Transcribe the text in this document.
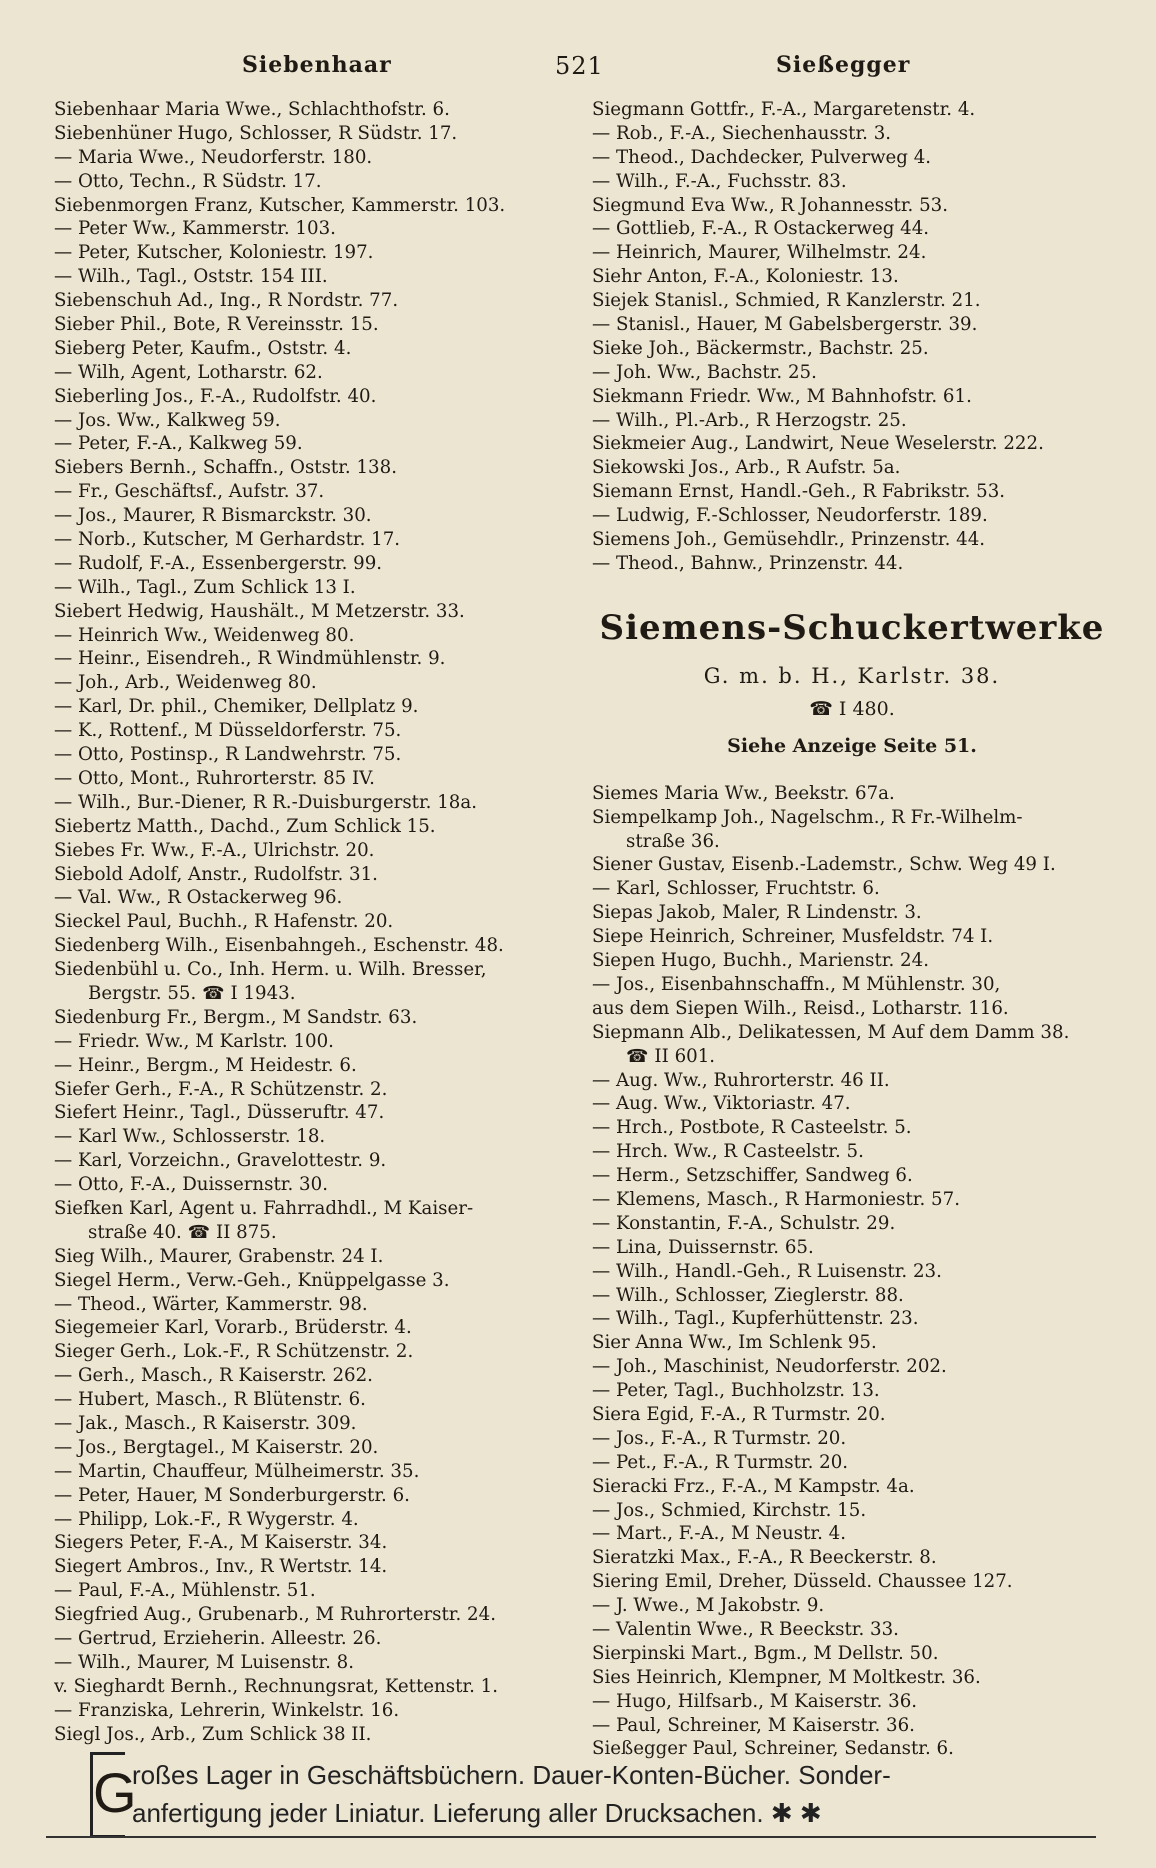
Siebenhaar	521	Sießegger
Siebenhaar Maria Wwe., Schlachthofstr. 6.
Siebenhüner Hugo, Schlosser, R Südstr. 17.
— Maria Wwe., Neudorferstr. 180.
— Otto, Techn., R Südstr. 17.
Siebenmorgen Franz, Kutscher, Kammerstr. 103.
— Peter Ww., Kammerstr. 103.
— Peter, Kutscher, Koloniestr. 197.
— Wilh., Tagl., Oststr. 154 III.
Siebenschuh Ad., Ing., R Nordstr. 77.
Sieber Phil., Bote, R Vereinsstr. 15.
Sieberg Peter, Kaufm., Oststr. 4.
— Wilh, Agent, Lotharstr. 62.
Sieberling Jos., F.-A., Rudolfstr. 40.
— Jos. Ww., Kalkweg 59.
— Peter, F.-A., Kalkweg 59.
Siebers Bernh., Schaffn., Oststr. 138.
— Fr., Geschäftsf., Aufstr. 37.
— Jos., Maurer, R Bismarckstr. 30.
— Norb., Kutscher, M Gerhardstr. 17.
— Rudolf, F.-A., Essenbergerstr. 99.
— Wilh., Tagl., Zum Schlick 13 I.
Siebert Hedwig, Haushält., M Metzerstr. 33.
— Heinrich Ww., Weidenweg 80.
— Heinr., Eisendreh., R Windmühlenstr. 9.
— Joh., Arb., Weidenweg 80.
— Karl, Dr. phil., Chemiker, Dellplatz 9.
— K., Rottenf., M Düsseldorferstr. 75.
— Otto, Postinsp., R Landwehrstr. 75.
— Otto, Mont., Ruhrorterstr. 85 IV.
— Wilh., Bur.-Diener, R R.-Duisburgerstr. 18a.
Siebertz Matth., Dachd., Zum Schlick 15.
Siebes Fr. Ww., F.-A., Ulrichstr. 20.
Siebold Adolf, Anstr., Rudolfstr. 31.
— Val. Ww., R Ostackerweg 96.
Sieckel Paul, Buchh., R Hafenstr. 20.
Siedenberg Wilh., Eisenbahngeh., Eschenstr. 48.
Siedenbühl u. Co., Inh. Herm. u. Wilh. Bresser,
Bergstr. 55. ☎ I 1943.
Siedenburg Fr., Bergm., M Sandstr. 63.
— Friedr. Ww., M Karlstr. 100.
— Heinr., Bergm., M Heidestr. 6.
Siefer Gerh., F.-A., R Schützenstr. 2.
Siefert Heinr., Tagl., Düsseruftr. 47.
— Karl Ww., Schlosserstr. 18.
— Karl, Vorzeichn., Gravelottestr. 9.
— Otto, F.-A., Duissernstr. 30.
Siefken Karl, Agent u. Fahrradhdl., M Kaiser-
straße 40. ☎ II 875.
Sieg Wilh., Maurer, Grabenstr. 24 I.
Siegel Herm., Verw.-Geh., Knüppelgasse 3.
— Theod., Wärter, Kammerstr. 98.
Siegemeier Karl, Vorarb., Brüderstr. 4.
Sieger Gerh., Lok.-F., R Schützenstr. 2.
— Gerh., Masch., R Kaiserstr. 262.
— Hubert, Masch., R Blütenstr. 6.
— Jak., Masch., R Kaiserstr. 309.
— Jos., Bergtagel., M Kaiserstr. 20.
— Martin, Chauffeur, Mülheimerstr. 35.
— Peter, Hauer, M Sonderburgerstr. 6.
— Philipp, Lok.-F., R Wygerstr. 4.
Siegers Peter, F.-A., M Kaiserstr. 34.
Siegert Ambros., Inv., R Wertstr. 14.
— Paul, F.-A., Mühlenstr. 51.
Siegfried Aug., Grubenarb., M Ruhrorterstr. 24.
— Gertrud, Erzieherin. Alleestr. 26.
— Wilh., Maurer, M Luisenstr. 8.
v. Sieghardt Bernh., Rechnungsrat, Kettenstr. 1.
— Franziska, Lehrerin, Winkelstr. 16.
Siegl Jos., Arb., Zum Schlick 38 II.
Siegmann Gottfr., F.-A., Margaretenstr. 4.
— Rob., F.-A., Siechenhausstr. 3.
— Theod., Dachdecker, Pulverweg 4.
— Wilh., F.-A., Fuchsstr. 83.
Siegmund Eva Ww., R Johannesstr. 53.
— Gottlieb, F.-A., R Ostackerweg 44.
— Heinrich, Maurer, Wilhelmstr. 24.
Siehr Anton, F.-A., Koloniestr. 13.
Siejek Stanisl., Schmied, R Kanzlerstr. 21.
— Stanisl., Hauer, M Gabelsbergerstr. 39.
Sieke Joh., Bäckermstr., Bachstr. 25.
— Joh. Ww., Bachstr. 25.
Siekmann Friedr. Ww., M Bahnhofstr. 61.
— Wilh., Pl.-Arb., R Herzogstr. 25.
Siekmeier Aug., Landwirt, Neue Weselerstr. 222.
Siekowski Jos., Arb., R Aufstr. 5a.
Siemann Ernst, Handl.-Geh., R Fabrikstr. 53.
— Ludwig, F.-Schlosser, Neudorferstr. 189.
Siemens Joh., Gemüsehdlr., Prinzenstr. 44.
— Theod., Bahnw., Prinzenstr. 44.
Siemens-Schuckertwerke
G. m. b. H., Karlstr. 38.
☎ I 480.
Siehe Anzeige Seite 51.
Siemes Maria Ww., Beekstr. 67a.
Siempelkamp Joh., Nagelschm., R Fr.-Wilhelm-
straße 36.
Siener Gustav, Eisenb.-Lademstr., Schw. Weg 49 I.
— Karl, Schlosser, Fruchtstr. 6.
Siepas Jakob, Maler, R Lindenstr. 3.
Siepe Heinrich, Schreiner, Musfeldstr. 74 I.
Siepen Hugo, Buchh., Marienstr. 24.
— Jos., Eisenbahnschaffn., M Mühlenstr. 30,
aus dem Siepen Wilh., Reisd., Lotharstr. 116.
Siepmann Alb., Delikatessen, M Auf dem Damm 38.
☎ II 601.
— Aug. Ww., Ruhrorterstr. 46 II.
— Aug. Ww., Viktoriastr. 47.
— Hrch., Postbote, R Casteelstr. 5.
— Hrch. Ww., R Casteelstr. 5.
— Herm., Setzschiffer, Sandweg 6.
— Klemens, Masch., R Harmoniestr. 57.
— Konstantin, F.-A., Schulstr. 29.
— Lina, Duissernstr. 65.
— Wilh., Handl.-Geh., R Luisenstr. 23.
— Wilh., Schlosser, Zieglerstr. 88.
— Wilh., Tagl., Kupferhüttenstr. 23.
Sier Anna Ww., Im Schlenk 95.
— Joh., Maschinist, Neudorferstr. 202.
— Peter, Tagl., Buchholzstr. 13.
Siera Egid, F.-A., R Turmstr. 20.
— Jos., F.-A., R Turmstr. 20.
— Pet., F.-A., R Turmstr. 20.
Sieracki Frz., F.-A., M Kampstr. 4a.
— Jos., Schmied, Kirchstr. 15.
— Mart., F.-A., M Neustr. 4.
Sieratzki Max., F.-A., R Beeckerstr. 8.
Siering Emil, Dreher, Düsseld. Chaussee 127.
— J. Wwe., M Jakobstr. 9.
— Valentin Wwe., R Beeckstr. 33.
Sierpinski Mart., Bgm., M Dellstr. 50.
Sies Heinrich, Klempner, M Moltkestr. 36.
— Hugo, Hilfsarb., M Kaiserstr. 36.
— Paul, Schreiner, M Kaiserstr. 36.
Sießegger Paul, Schreiner, Sedanstr. 6.
G
roßes Lager in Geschäftsbüchern. Dauer-Konten-Bücher. Sonder-
anfertigung jeder Liniatur. Lieferung aller Drucksachen. ✱ ✱
